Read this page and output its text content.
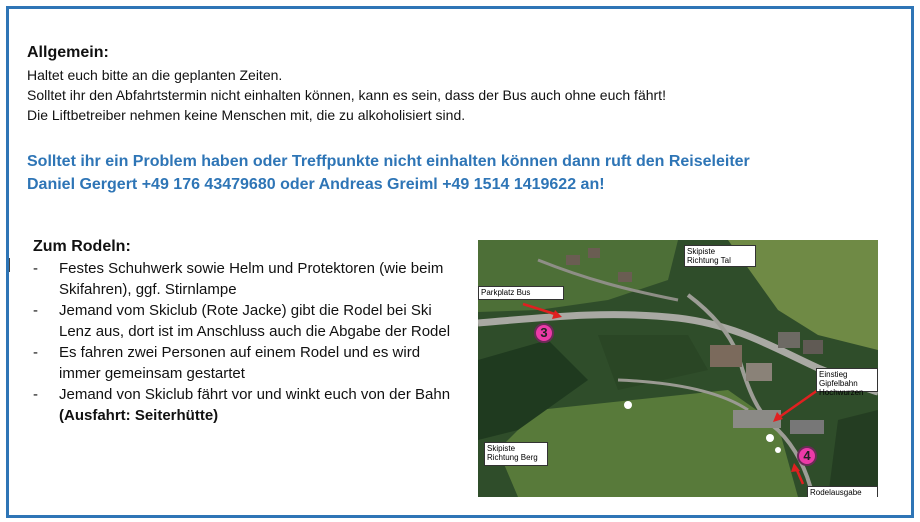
Allgemein:

Haltet euch bitte an die geplanten Zeiten.

Solltet ihr den Abfahrtstermin nicht einhalten können, kann es sein, dass der Bus auch ohne euch fährt!

Die Liftbetreiber nehmen keine Menschen mit, die zu alkoholisiert sind.

Solltet ihr ein Problem haben oder Treffpunkte nicht einhalten können dann ruft den Reiseleiter
Daniel Gergert +49 176 43479680 oder Andreas Greiml +49 1514 1419622 an!
Zum Rodeln:
- Festes Schuhwerk sowie Helm und Protektoren (wie beim Skifahren), ggf. Stirnlampe
- Jemand vom Skiclub (Rote Jacke) gibt die Rodel bei Ski Lenz aus, dort ist im Anschluss auch die Abgabe der Rodel
- Es fahren zwei Personen auf einem Rodel und es wird immer gemeinsam gestartet
- Jemand von Skiclub fährt vor und winkt euch von der Bahn (Ausfahrt: Seiterhütte)
Skipiste
Richtung Tal
Parkplatz Bus
Einstieg Gipfelbahn
Hochwurzen
Skipiste
Richtung Berg
Rodelausgabe
3
4
